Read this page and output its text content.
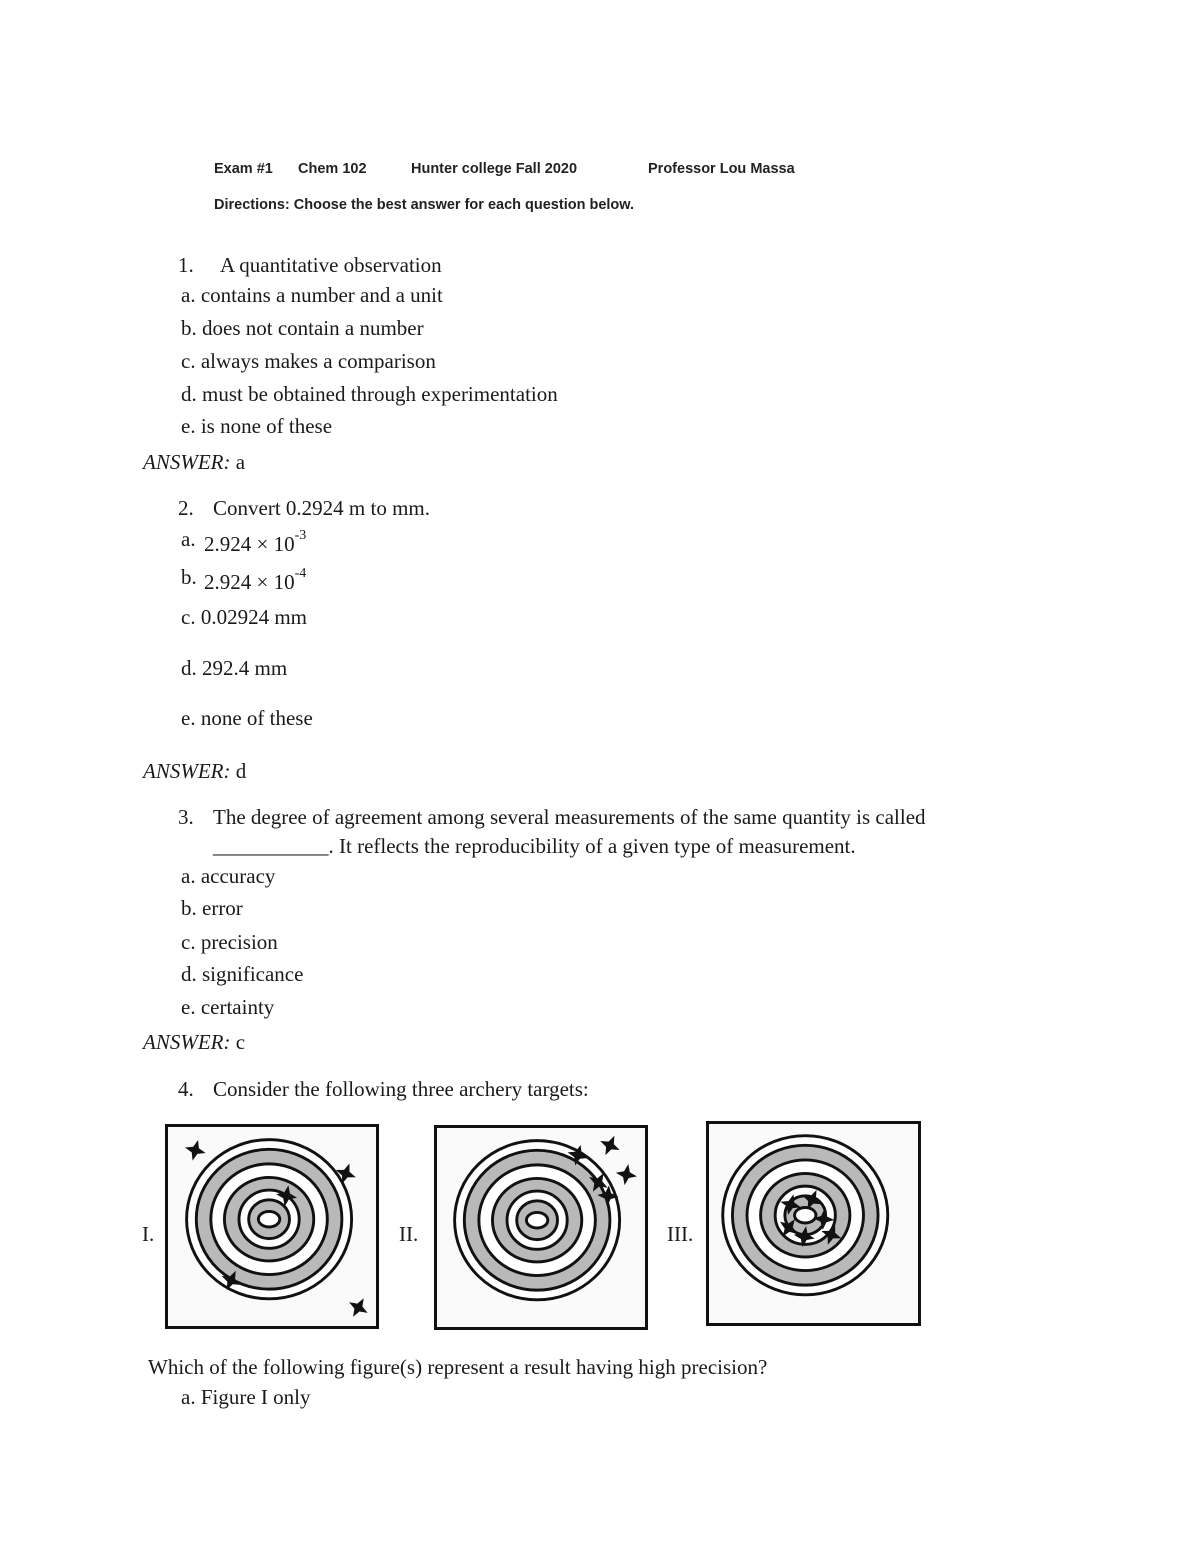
Exam #1 Chem 102	Hunter college Fall 2020	Professor Lou Massa
Directions: Choose the best answer for each question below.
1. A quantitative observation
a. contains a number and a unit
b. does not contain a number
c. always makes a comparison
d. must be obtained through experimentation
e. is none of these
ANSWER: a
2. Convert 0.2924 m to mm.
a. $2.924 \times 10^{-3}$
b. $2.924 \times 10^{-4}$
c. 0.02924 mm
d. 292.4 mm
e. none of these
ANSWER: d
3. The degree of agreement among several measurements of the same quantity is called
___________. It reflects the reproducibility of a given type of measurement.
a. accuracy
b. error
c. precision
d. significance
e. certainty
ANSWER: c
4. Consider the following three archery targets:
I.	II.	III.
Which of the following figure(s) represent a result having high precision?
a. Figure I only
